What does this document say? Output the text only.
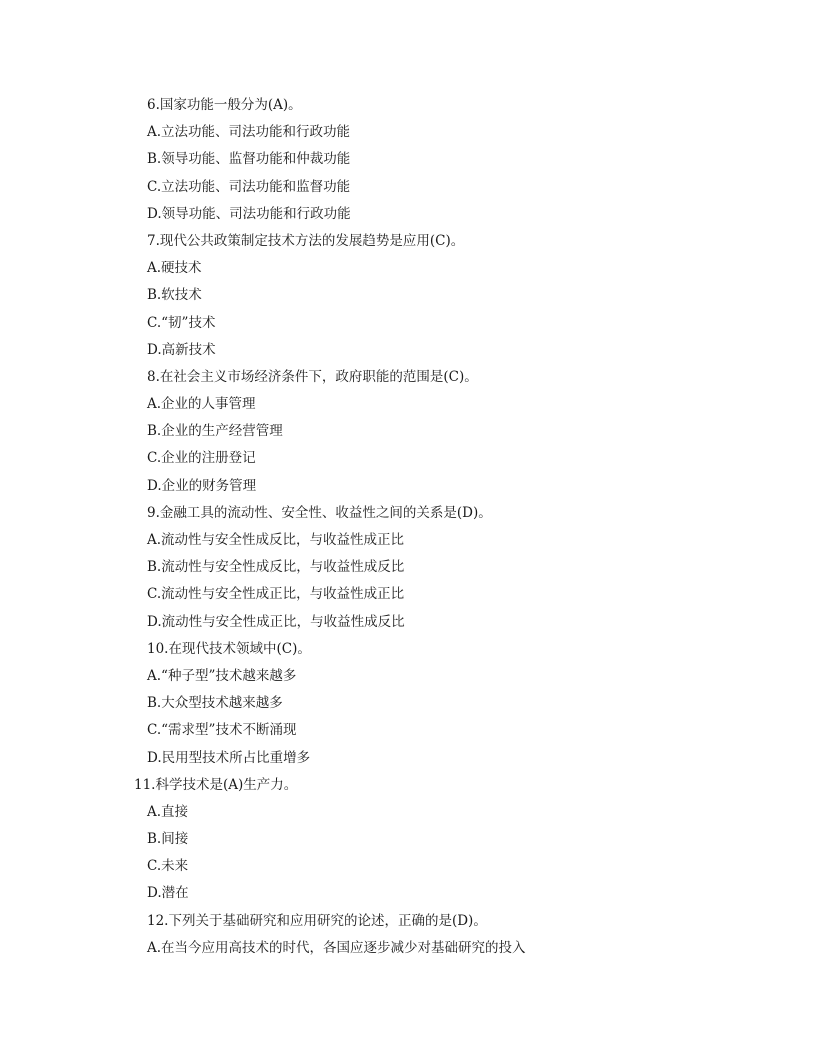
6.国家功能一般分为(A)。
A.立法功能、司法功能和行政功能
B.领导功能、监督功能和仲裁功能
C.立法功能、司法功能和监督功能
D.领导功能、司法功能和行政功能
7.现代公共政策制定技术方法的发展趋势是应用(C)。
A.硬技术
B.软技术
C.“韧”技术
D.高新技术
8.在社会主义市场经济条件下，政府职能的范围是(C)。
A.企业的人事管理
B.企业的生产经营管理
C.企业的注册登记
D.企业的财务管理
9.金融工具的流动性、安全性、收益性之间的关系是(D)。
A.流动性与安全性成反比，与收益性成正比
B.流动性与安全性成反比，与收益性成反比
C.流动性与安全性成正比，与收益性成正比
D.流动性与安全性成正比，与收益性成反比
10.在现代技术领域中(C)。
A.“种子型”技术越来越多
B.大众型技术越来越多
C.“需求型”技术不断涌现
D.民用型技术所占比重增多
11.科学技术是(A)生产力。
A.直接
B.间接
C.未来
D.潜在
12.下列关于基础研究和应用研究的论述，正确的是(D)。
A.在当今应用高技术的时代，各国应逐步减少对基础研究的投入
